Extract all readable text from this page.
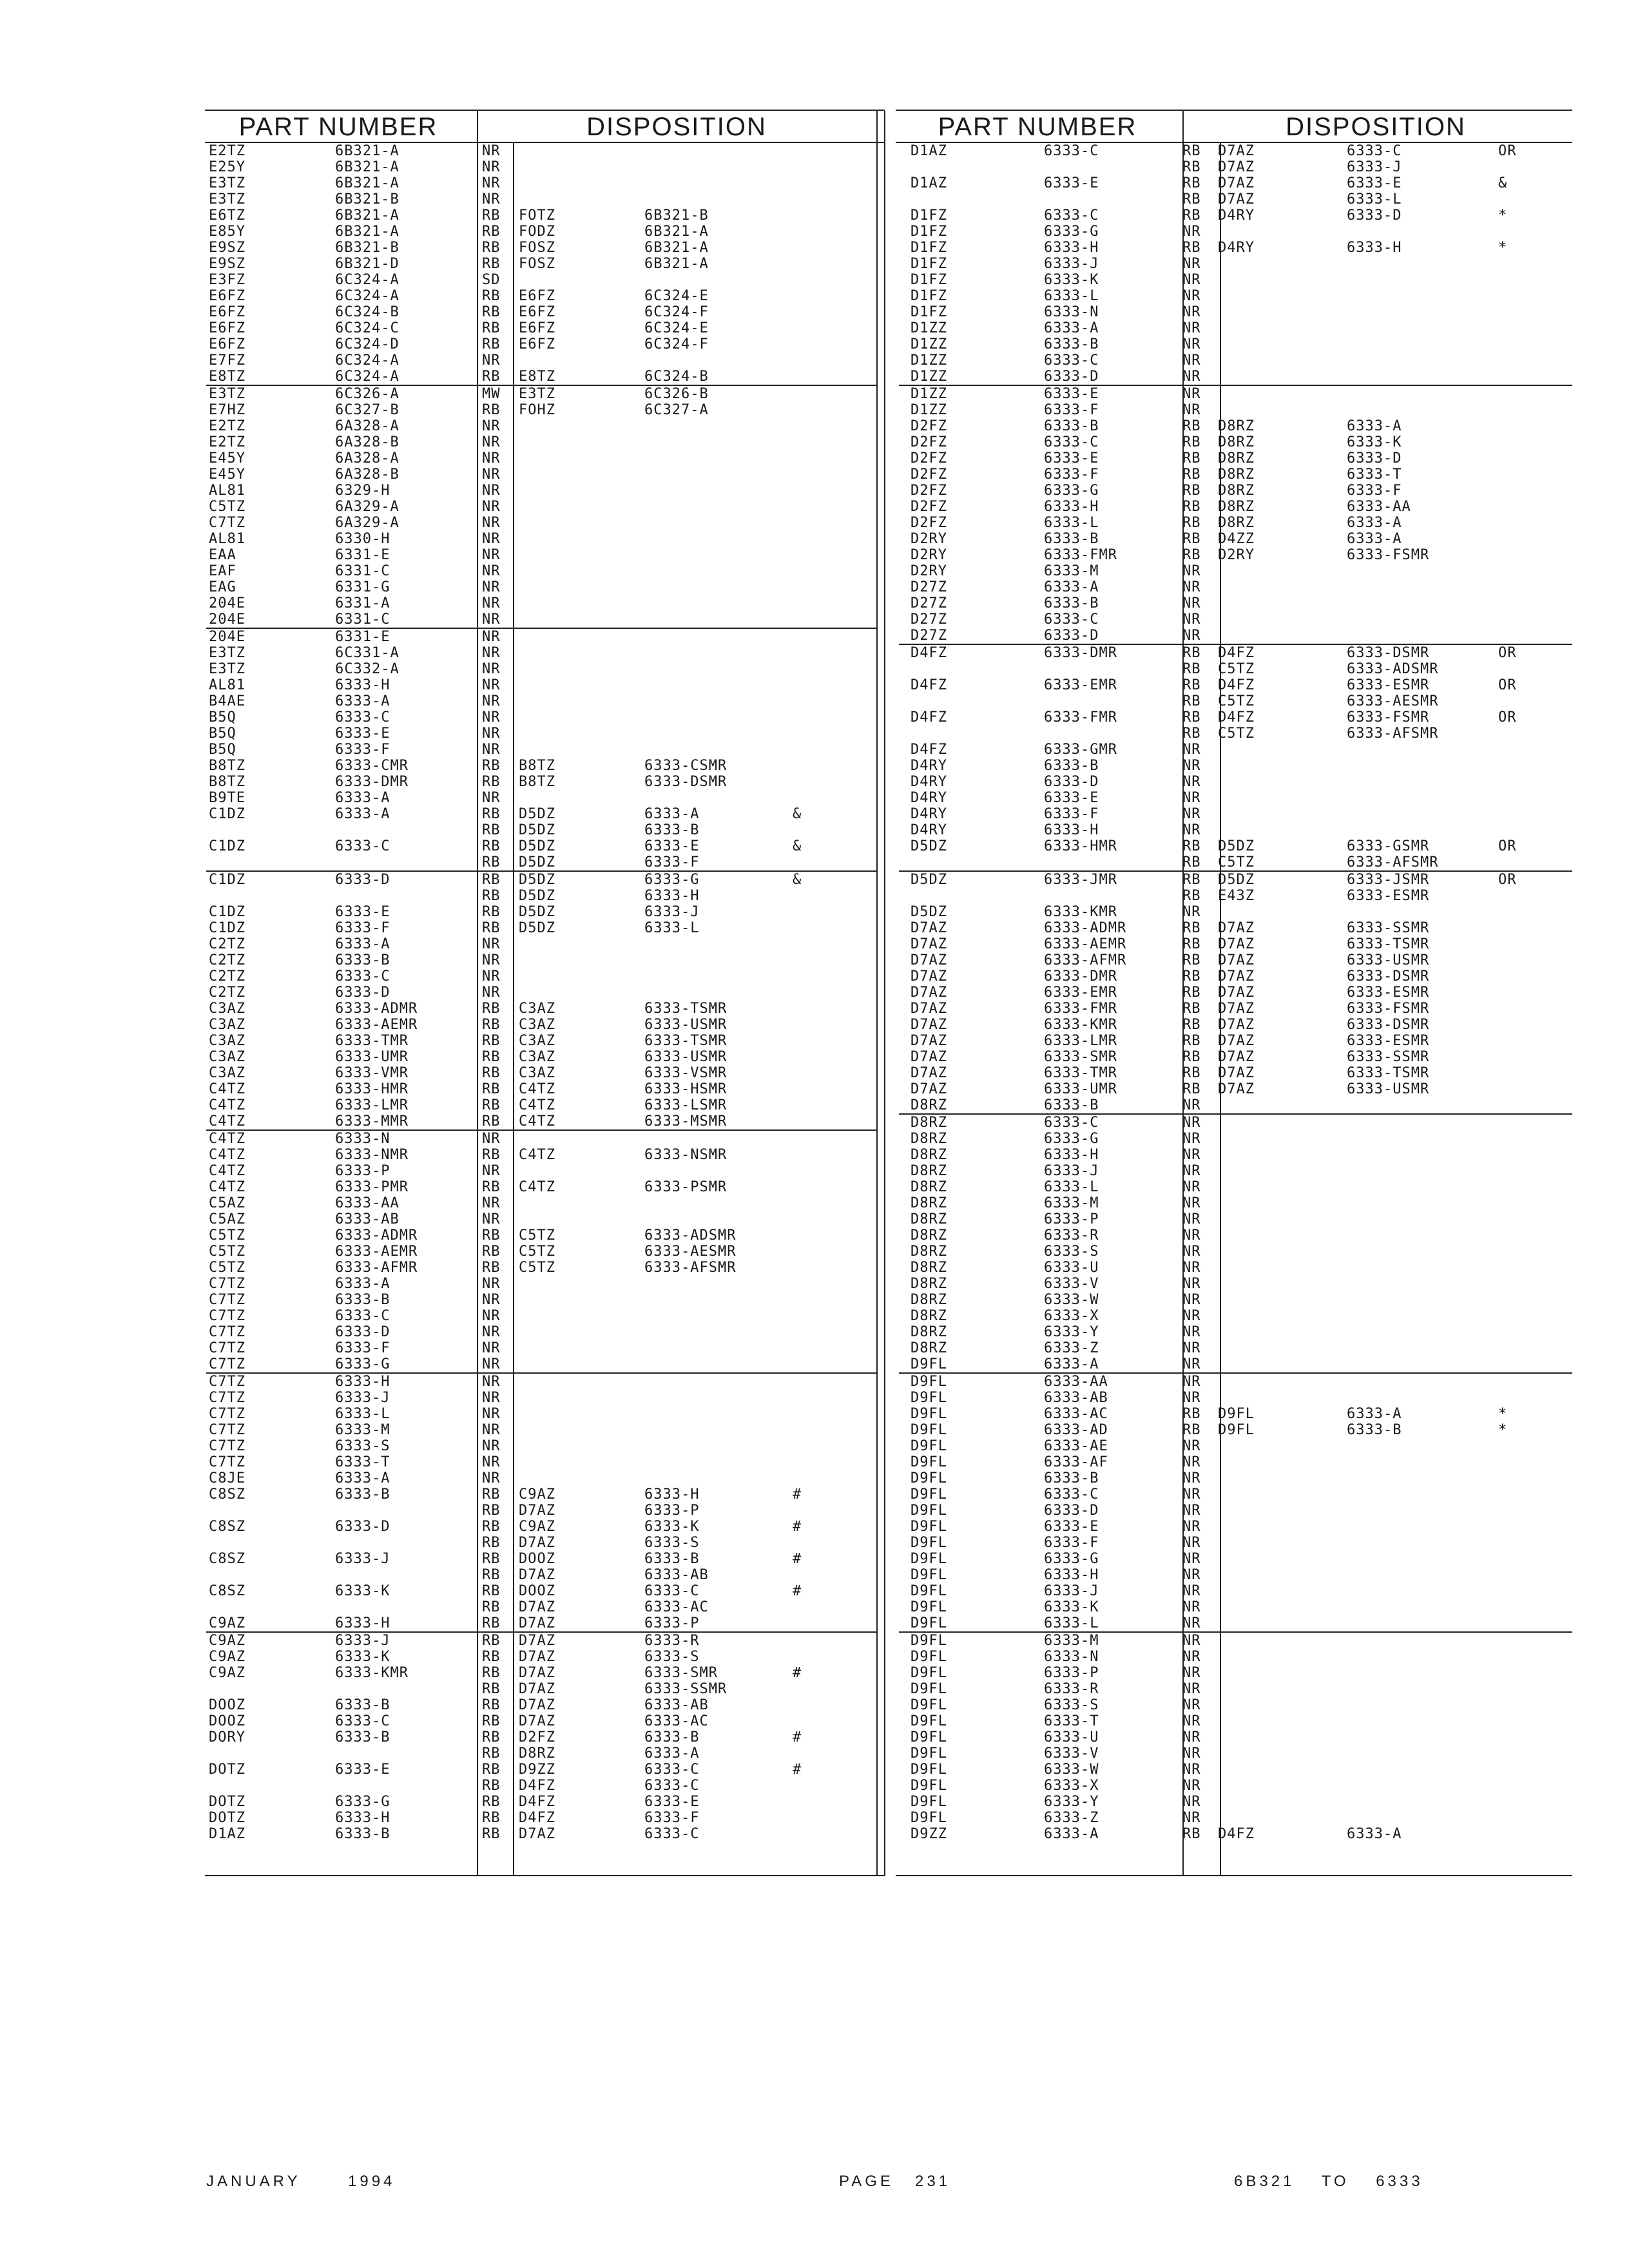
PART NUMBER	DISPOSITION	PART NUMBER	DISPOSITION
E2TZ	6B321-A	NR
E25Y	6B321-A	NR
E3TZ	6B321-A	NR
E3TZ	6B321-B	NR
E6TZ	6B321-A	RB FOTZ	6B321-B
E85Y	6B321-A	RB FODZ	6B321-A
E9SZ	6B321-B	RB FOSZ	6B321-A
E9SZ	6B321-D	RB FOSZ	6B321-A
E3FZ	6C324-A	SD
E6FZ	6C324-A	RB E6FZ	6C324-E
E6FZ	6C324-B	RB E6FZ	6C324-F
E6FZ	6C324-C	RB E6FZ	6C324-E
E6FZ	6C324-D	RB E6FZ	6C324-F
E7FZ	6C324-A	NR
E8TZ	6C324-A	RB E8TZ	6C324-B
E3TZ	6C326-A	MW E3TZ	6C326-B
E7HZ	6C327-B	RB FOHZ	6C327-A
E2TZ	6A328-A	NR
E2TZ	6A328-B	NR
E45Y	6A328-A	NR
E45Y	6A328-B	NR
AL81	6329-H	NR
C5TZ	6A329-A	NR
C7TZ	6A329-A	NR
AL81	6330-H	NR
EAA	6331-E	NR
EAF	6331-C	NR
EAG	6331-G	NR
204E	6331-A	NR
204E	6331-C	NR
204E	6331-E	NR
E3TZ	6C331-A	NR
E3TZ	6C332-A	NR
AL81	6333-H	NR
B4AE	6333-A	NR
B5Q	6333-C	NR
B5Q	6333-E	NR
B5Q	6333-F	NR
B8TZ	6333-CMR	RB B8TZ	6333-CSMR
B8TZ	6333-DMR	RB B8TZ	6333-DSMR
B9TE	6333-A	NR
C1DZ	6333-A	RB D5DZ	6333-A	&
RB D5DZ	6333-B
C1DZ	6333-C	RB D5DZ	6333-E	&
RB D5DZ	6333-F
C1DZ	6333-D	RB D5DZ	6333-G	&
RB D5DZ	6333-H
C1DZ	6333-E	RB D5DZ	6333-J
C1DZ	6333-F	RB D5DZ	6333-L
C2TZ	6333-A	NR
C2TZ	6333-B	NR
C2TZ	6333-C	NR
C2TZ	6333-D	NR
C3AZ	6333-ADMR	RB C3AZ	6333-TSMR
C3AZ	6333-AEMR	RB C3AZ	6333-USMR
C3AZ	6333-TMR	RB C3AZ	6333-TSMR
C3AZ	6333-UMR	RB C3AZ	6333-USMR
C3AZ	6333-VMR	RB C3AZ	6333-VSMR
C4TZ	6333-HMR	RB C4TZ	6333-HSMR
C4TZ	6333-LMR	RB C4TZ	6333-LSMR
C4TZ	6333-MMR	RB C4TZ	6333-MSMR
C4TZ	6333-N	NR
C4TZ	6333-NMR	RB C4TZ	6333-NSMR
C4TZ	6333-P	NR
C4TZ	6333-PMR	RB C4TZ	6333-PSMR
C5AZ	6333-AA	NR
C5AZ	6333-AB	NR
C5TZ	6333-ADMR	RB C5TZ	6333-ADSMR
C5TZ	6333-AEMR	RB C5TZ	6333-AESMR
C5TZ	6333-AFMR	RB C5TZ	6333-AFSMR
C7TZ	6333-A	NR
C7TZ	6333-B	NR
C7TZ	6333-C	NR
C7TZ	6333-D	NR
C7TZ	6333-F	NR
C7TZ	6333-G	NR
C7TZ	6333-H	NR
C7TZ	6333-J	NR
C7TZ	6333-L	NR
C7TZ	6333-M	NR
C7TZ	6333-S	NR
C7TZ	6333-T	NR
C8JE	6333-A	NR
C8SZ	6333-B	RB C9AZ	6333-H	#
RB D7AZ	6333-P
C8SZ	6333-D	RB C9AZ	6333-K	#
RB D7AZ	6333-S
C8SZ	6333-J	RB DOOZ	6333-B	#
RB D7AZ	6333-AB
C8SZ	6333-K	RB DOOZ	6333-C	#
RB D7AZ	6333-AC
C9AZ	6333-H	RB D7AZ	6333-P
C9AZ	6333-J	RB D7AZ	6333-R
C9AZ	6333-K	RB D7AZ	6333-S
C9AZ	6333-KMR	RB D7AZ	6333-SMR	#
RB D7AZ	6333-SSMR
DOOZ	6333-B	RB D7AZ	6333-AB
DOOZ	6333-C	RB D7AZ	6333-AC
DORY	6333-B	RB D2FZ	6333-B	#
RB D8RZ	6333-A
DOTZ	6333-E	RB D9ZZ	6333-C	#
RB D4FZ	6333-C
DOTZ	6333-G	RB D4FZ	6333-E
DOTZ	6333-H	RB D4FZ	6333-F
D1AZ	6333-B	RB D7AZ	6333-C
D1AZ	6333-C	RB D7AZ	6333-C	OR
RB D7AZ	6333-J
D1AZ	6333-E	RB D7AZ	6333-E	&
RB D7AZ	6333-L
D1FZ	6333-C	RB D4RY	6333-D	*
D1FZ	6333-G	NR
D1FZ	6333-H	RB D4RY	6333-H	*
D1FZ	6333-J	NR
D1FZ	6333-K	NR
D1FZ	6333-L	NR
D1FZ	6333-N	NR
D1ZZ	6333-A	NR
D1ZZ	6333-B	NR
D1ZZ	6333-C	NR
D1ZZ	6333-D	NR
D1ZZ	6333-E	NR
D1ZZ	6333-F	NR
D2FZ	6333-B	RB D8RZ	6333-A
D2FZ	6333-C	RB D8RZ	6333-K
D2FZ	6333-E	RB D8RZ	6333-D
D2FZ	6333-F	RB D8RZ	6333-T
D2FZ	6333-G	RB D8RZ	6333-F
D2FZ	6333-H	RB D8RZ	6333-AA
D2FZ	6333-L	RB D8RZ	6333-A
D2RY	6333-B	RB D4ZZ	6333-A
D2RY	6333-FMR	RB D2RY	6333-FSMR
D2RY	6333-M	NR
D27Z	6333-A	NR
D27Z	6333-B	NR
D27Z	6333-C	NR
D27Z	6333-D	NR
D4FZ	6333-DMR	RB D4FZ	6333-DSMR	OR
RB C5TZ	6333-ADSMR
D4FZ	6333-EMR	RB D4FZ	6333-ESMR	OR
RB C5TZ	6333-AESMR
D4FZ	6333-FMR	RB D4FZ	6333-FSMR	OR
RB C5TZ	6333-AFSMR
D4FZ	6333-GMR	NR
D4RY	6333-B	NR
D4RY	6333-D	NR
D4RY	6333-E	NR
D4RY	6333-F	NR
D4RY	6333-H	NR
D5DZ	6333-HMR	RB D5DZ	6333-GSMR	OR
RB C5TZ	6333-AFSMR
D5DZ	6333-JMR	RB D5DZ	6333-JSMR	OR
RB E43Z	6333-ESMR
D5DZ	6333-KMR	NR
D7AZ	6333-ADMR	RB D7AZ	6333-SSMR
D7AZ	6333-AEMR	RB D7AZ	6333-TSMR
D7AZ	6333-AFMR	RB D7AZ	6333-USMR
D7AZ	6333-DMR	RB D7AZ	6333-DSMR
D7AZ	6333-EMR	RB D7AZ	6333-ESMR
D7AZ	6333-FMR	RB D7AZ	6333-FSMR
D7AZ	6333-KMR	RB D7AZ	6333-DSMR
D7AZ	6333-LMR	RB D7AZ	6333-ESMR
D7AZ	6333-SMR	RB D7AZ	6333-SSMR
D7AZ	6333-TMR	RB D7AZ	6333-TSMR
D7AZ	6333-UMR	RB D7AZ	6333-USMR
D8RZ	6333-B	NR
D8RZ	6333-C	NR
D8RZ	6333-G	NR
D8RZ	6333-H	NR
D8RZ	6333-J	NR
D8RZ	6333-L	NR
D8RZ	6333-M	NR
D8RZ	6333-P	NR
D8RZ	6333-R	NR
D8RZ	6333-S	NR
D8RZ	6333-U	NR
D8RZ	6333-V	NR
D8RZ	6333-W	NR
D8RZ	6333-X	NR
D8RZ	6333-Y	NR
D8RZ	6333-Z	NR
D9FL	6333-A	NR
D9FL	6333-AA	NR
D9FL	6333-AB	NR
D9FL	6333-AC	RB D9FL	6333-A	*
D9FL	6333-AD	RB D9FL	6333-B	*
D9FL	6333-AE	NR
D9FL	6333-AF	NR
D9FL	6333-B	NR
D9FL	6333-C	NR
D9FL	6333-D	NR
D9FL	6333-E	NR
D9FL	6333-F	NR
D9FL	6333-G	NR
D9FL	6333-H	NR
D9FL	6333-J	NR
D9FL	6333-K	NR
D9FL	6333-L	NR
D9FL	6333-M	NR
D9FL	6333-N	NR
D9FL	6333-P	NR
D9FL	6333-R	NR
D9FL	6333-S	NR
D9FL	6333-T	NR
D9FL	6333-U	NR
D9FL	6333-V	NR
D9FL	6333-W	NR
D9FL	6333-X	NR
D9FL	6333-Y	NR
D9FL	6333-Z	NR
D9ZZ	6333-A	RB D4FZ	6333-A
JANUARY	1994	PAGE 231	6B321 TO 6333
